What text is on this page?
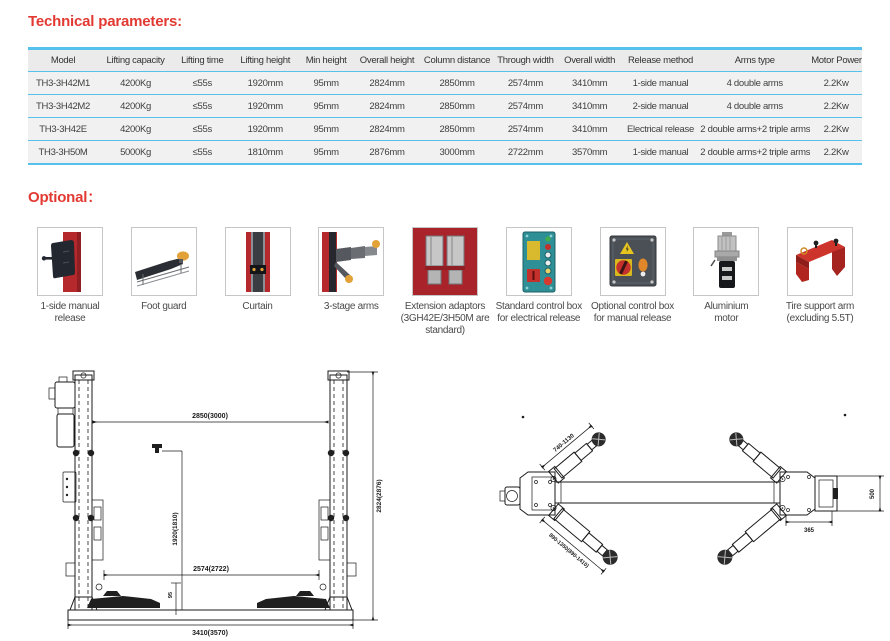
Technical parameters:
Model	Lifting capacity	Lifting time	Lifting height	Min height	Overall height	Column distance	Through width	Overall width	Release method	Arms type	Motor Power
TH3-3H42M1	4200Kg	≤55s	1920mm	95mm	2824mm	2850mm	2574mm	3410mm	1-side manual	4 double arms	2.2Kw
TH3-3H42M2	4200Kg	≤55s	1920mm	95mm	2824mm	2850mm	2574mm	3410mm	2-side manual	4 double arms	2.2Kw
TH3-3H42E	4200Kg	≤55s	1920mm	95mm	2824mm	2850mm	2574mm	3410mm	Electrical release	2 double arms+2 triple arms	2.2Kw
TH3-3H50M	5000Kg	≤55s	1810mm	95mm	2876mm	3000mm	2722mm	3570mm	1-side manual	2 double arms+2 triple arms	2.2Kw
Optional：
1-side manual release
Foot guard	Curtain	3-stage arms	Extension adaptors (3GH42E/3H50M are standard)
Standard control box for electrical release
Optional control box for manual release
Aluminium motor
Tire support arm (excluding 5.5T)
2850(3000)
1920(1810)
2574(2722)
95
2824(2876)
3410(3570)
740-1130
890-1350(890-1410)
500
365
